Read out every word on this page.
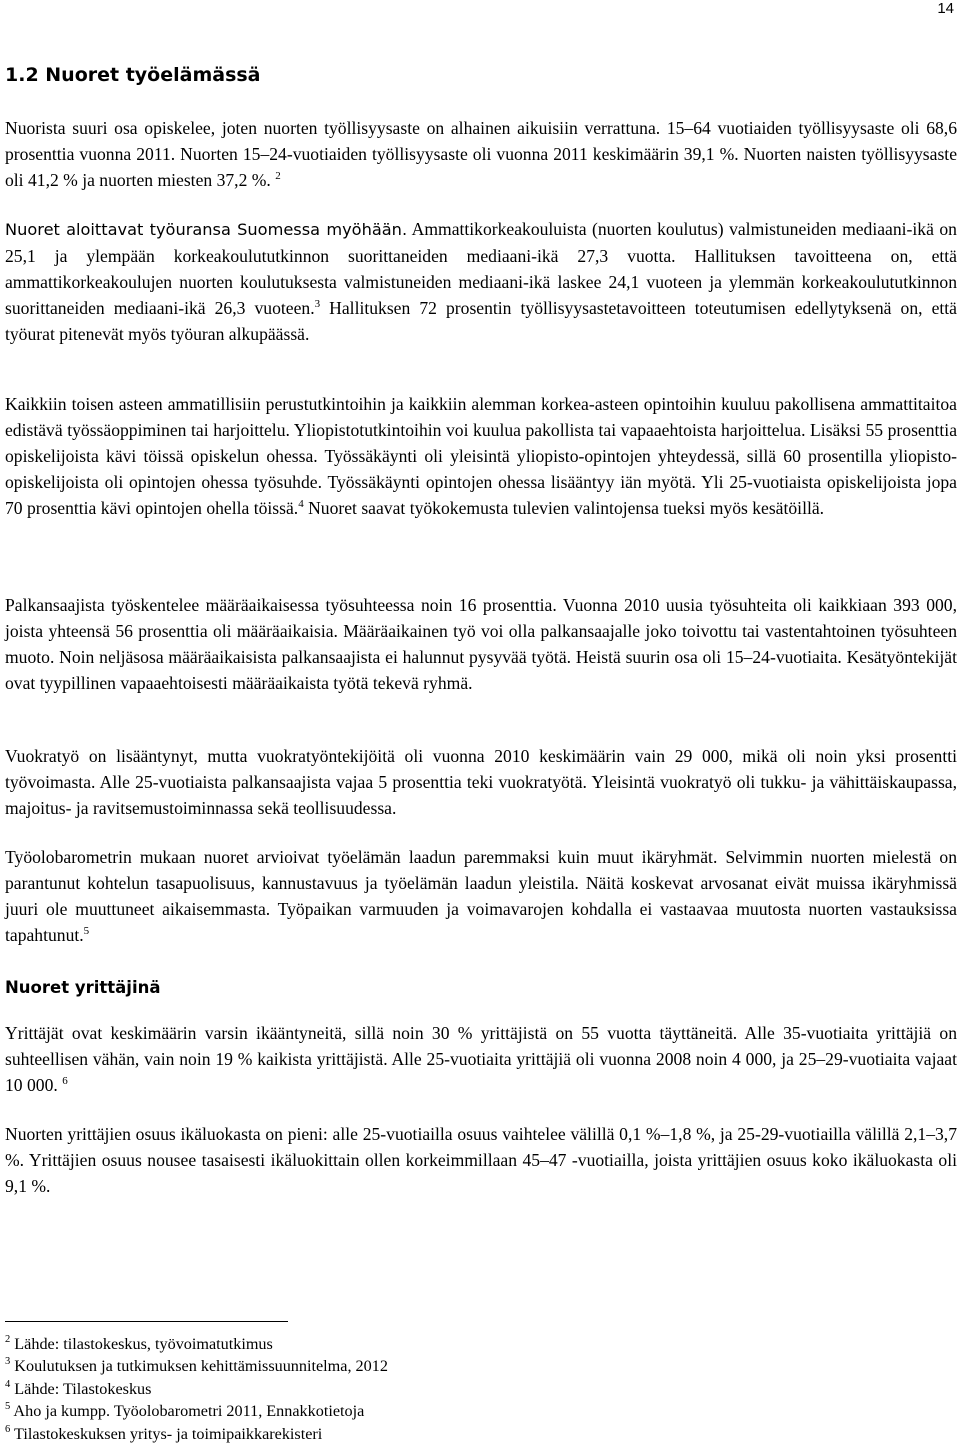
14
1.2 Nuoret työelämässä

Nuorista suuri osa opiskelee, joten nuorten työllisyysaste on alhainen aikuisiin verrattuna. 15–64 vuotiaiden työllisyysaste oli 68,6 prosenttia vuonna 2011. Nuorten 15–24-vuotiaiden työllisyysaste oli vuonna 2011 keskimäärin 39,1 %. Nuorten naisten työllisyysaste oli 41,2 % ja nuorten miesten 37,2 %. $^2$

Nuoret aloittavat työuransa Suomessa myöhään. Ammattikorkeakouluista (nuorten koulutus) valmistuneiden mediaani-ikä on 25,1 ja ylempään korkeakoulututkinnon suorittaneiden mediaani-ikä 27,3 vuotta. Hallituksen tavoitteena on, että ammattikorkeakoulujen nuorten koulutuksesta valmistuneiden mediaani-ikä laskee 24,1 vuoteen ja ylemmän korkeakoulututkinnon suorittaneiden mediaani-ikä 26,3 vuoteen.$^3$ Hallituksen 72 prosentin työllisyysastetavoitteen toteutumisen edellytyksenä on, että työurat pitenevät myös työuran alkupäässä.

Kaikkiin toisen asteen ammatillisiin perustutkintoihin ja kaikkiin alemman korkea-asteen opintoihin kuuluu pakollisena ammattitaitoa edistävä työssäoppiminen tai harjoittelu. Yliopistotutkintoihin voi kuulua pakollista tai vapaaehtoista harjoittelua. Lisäksi 55 prosenttia opiskelijoista kävi töissä opiskelun ohessa. Työssäkäynti oli yleisintä yliopisto-opintojen yhteydessä, sillä 60 prosentilla yliopisto-opiskelijoista oli opintojen ohessa työsuhde. Työssäkäynti opintojen ohessa lisääntyy iän myötä. Yli 25-vuotiaista opiskelijoista jopa 70 prosenttia kävi opintojen ohella töissä.$^4$ Nuoret saavat työkokemusta tulevien valintojensa tueksi myös kesätöillä.

Palkansaajista työskentelee määräaikaisessa työsuhteessa noin 16 prosenttia. Vuonna 2010 uusia työsuhteita oli kaikkiaan 393 000, joista yhteensä 56 prosenttia oli määräaikaisia. Määräaikainen työ voi olla palkansaajalle joko toivottu tai vastentahtoinen työsuhteen muoto. Noin neljäsosa määräaikaisista palkansaajista ei halunnut pysyvää työtä. Heistä suurin osa oli 15–24-vuotiaita. Kesätyöntekijät ovat tyypillinen vapaaehtoisesti määräaikaista työtä tekevä ryhmä.

Vuokratyö on lisääntynyt, mutta vuokratyöntekijöitä oli vuonna 2010 keskimäärin vain 29 000, mikä oli noin yksi prosentti työvoimasta. Alle 25-vuotiaista palkansaajista vajaa 5 prosenttia teki vuokratyötä. Yleisintä vuokratyö oli tukku- ja vähittäiskaupassa, majoitus- ja ravitsemustoiminnassa sekä teollisuudessa.

Työolobarometrin mukaan nuoret arvioivat työelämän laadun paremmaksi kuin muut ikäryhmät. Selvimmin nuorten mielestä on parantunut kohtelun tasapuolisuus, kannustavuus ja työelämän laadun yleistila. Näitä koskevat arvosanat eivät muissa ikäryhmissä juuri ole muuttuneet aikaisemmasta. Työpaikan varmuuden ja voimavarojen kohdalla ei vastaavaa muutosta nuorten vastauksissa tapahtunut.$^5$

Nuoret yrittäjinä

Yrittäjät ovat keskimäärin varsin ikääntyneitä, sillä noin 30 % yrittäjistä on 55 vuotta täyttäneitä. Alle 35-vuotiaita yrittäjiä on suhteellisen vähän, vain noin 19 % kaikista yrittäjistä. Alle 25-vuotiaita yrittäjiä oli vuonna 2008 noin 4 000, ja 25–29-vuotiaita vajaat 10 000. $^6$

Nuorten yrittäjien osuus ikäluokasta on pieni: alle 25-vuotiailla osuus vaihtelee välillä 0,1 %–1,8 %, ja 25-29-vuotiailla välillä 2,1–3,7 %. Yrittäjien osuus nousee tasaisesti ikäluokittain ollen korkeimmillaan 45–47 -vuotiailla, joista yrittäjien osuus koko ikäluokasta oli 9,1 %.

$^2$ Lähde: tilastokeskus, työvoimatutkimus
$^3$ Koulutuksen ja tutkimuksen kehittämissuunnitelma, 2012
$^4$ Lähde: Tilastokeskus
$^5$ Aho ja kumpp. Työolobarometri 2011, Ennakkotietoja
$^6$ Tilastokeskuksen yritys- ja toimipaikkarekisteri
